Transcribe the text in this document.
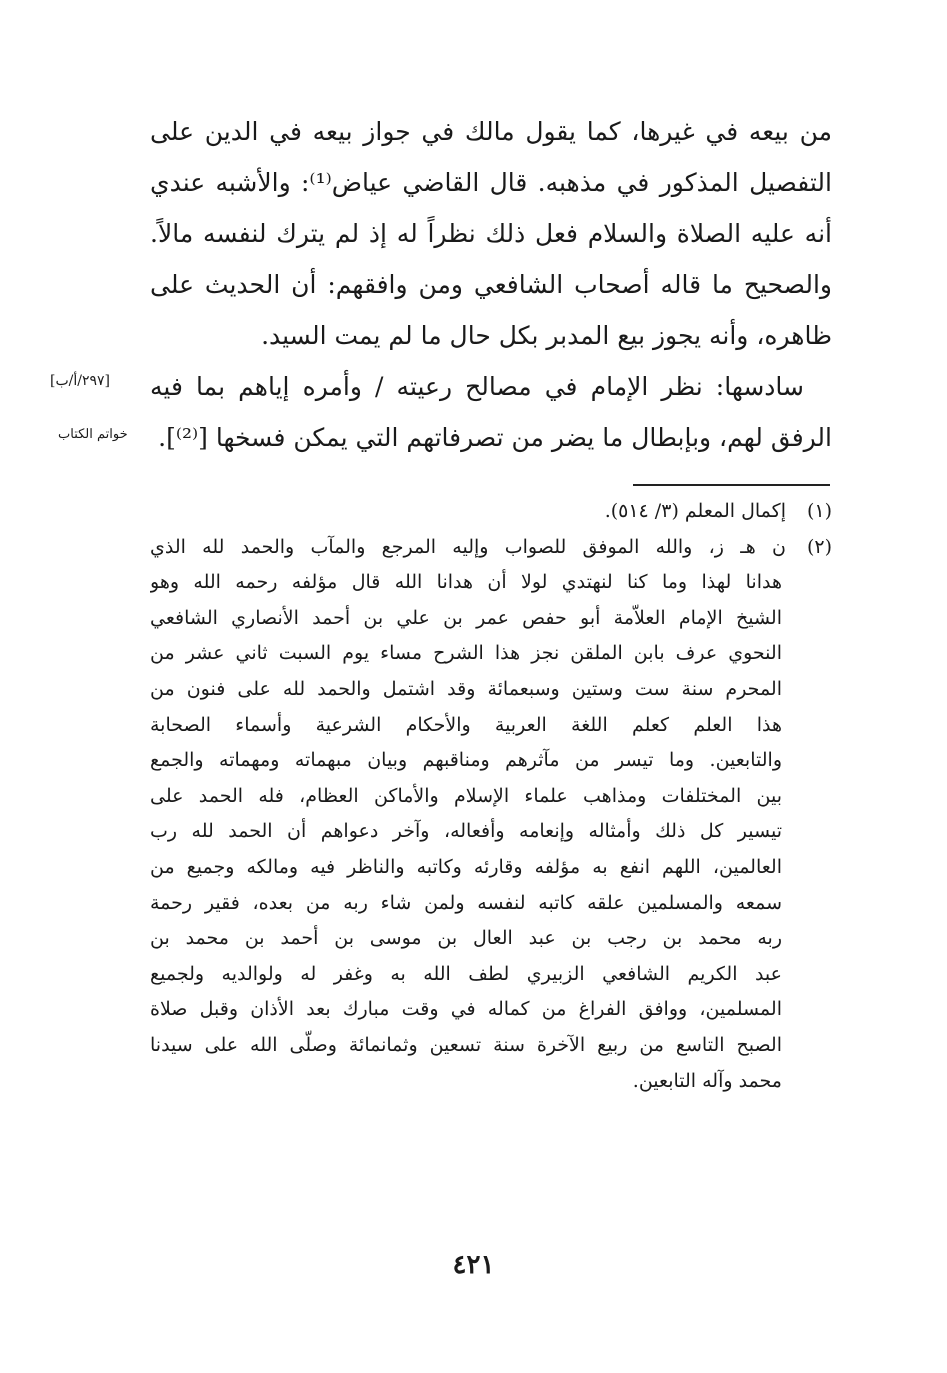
من بيعه في غيرها، كما يقول مالك في جواز بيعه في الدين على
التفصيل المذكور في مذهبه. قال القاضي عياض⁽¹⁾: والأشبه عندي
أنه عليه الصلاة والسلام فعل ذلك نظراً له إذ لم يترك لنفسه مالاً.
والصحيح ما قاله أصحاب الشافعي ومن وافقهم: أن الحديث على
ظاهره، وأنه يجوز بيع المدبر بكل حال ما لم يمت السيد.
سادسها: نظر الإمام في مصالح رعيته / وأمره إياهم بما فيه
الرفق لهم، وبإبطال ما يضر من تصرفاتهم التي يمكن فسخها [⁽²⁾].
[٢٩٧/أ/ب]
خواتم الكتاب
(١)إكمال المعلم (٣/ ٥١٤).
(٢)ن هـ ز، والله الموفق للصواب وإليه المرجع والمآب والحمد لله الذي
هدانا لهذا وما كنا لنهتدي لولا أن هدانا الله قال مؤلفه رحمه الله وهو
الشيخ الإمام العلاّمة أبو حفص عمر بن علي بن أحمد الأنصاري الشافعي
النحوي عرف بابن الملقن نجز هذا الشرح مساء يوم السبت ثاني عشر من
المحرم سنة ست وستين وسبعمائة وقد اشتمل والحمد لله على فنون من
هذا العلم كعلم اللغة العربية والأحكام الشرعية وأسماء الصحابة
والتابعين. وما تيسر من مآثرهم ومناقبهم وبيان مبهماته ومهماته والجمع
بين المختلفات ومذاهب علماء الإسلام والأماكن العظام، فله الحمد على
تيسير كل ذلك وأمثاله وإنعامه وأفعاله، وآخر دعواهم أن الحمد لله رب
العالمين، اللهم انفع به مؤلفه وقارئه وكاتبه والناظر فيه ومالكه وجميع من
سمعه والمسلمين علقه كاتبه لنفسه ولمن شاء ربه من بعده، فقير رحمة
ربه محمد بن رجب بن عبد العال بن موسى بن أحمد بن محمد بن
عبد الكريم الشافعي الزبيري لطف الله به وغفر له ولوالديه ولجميع
المسلمين، ووافق الفراغ من كماله في وقت مبارك بعد الأذان وقبل صلاة
الصبح التاسع من ربيع الآخرة سنة تسعين وثمانمائة وصلّى الله على سيدنا
محمد وآله التابعين.
٤٢١
